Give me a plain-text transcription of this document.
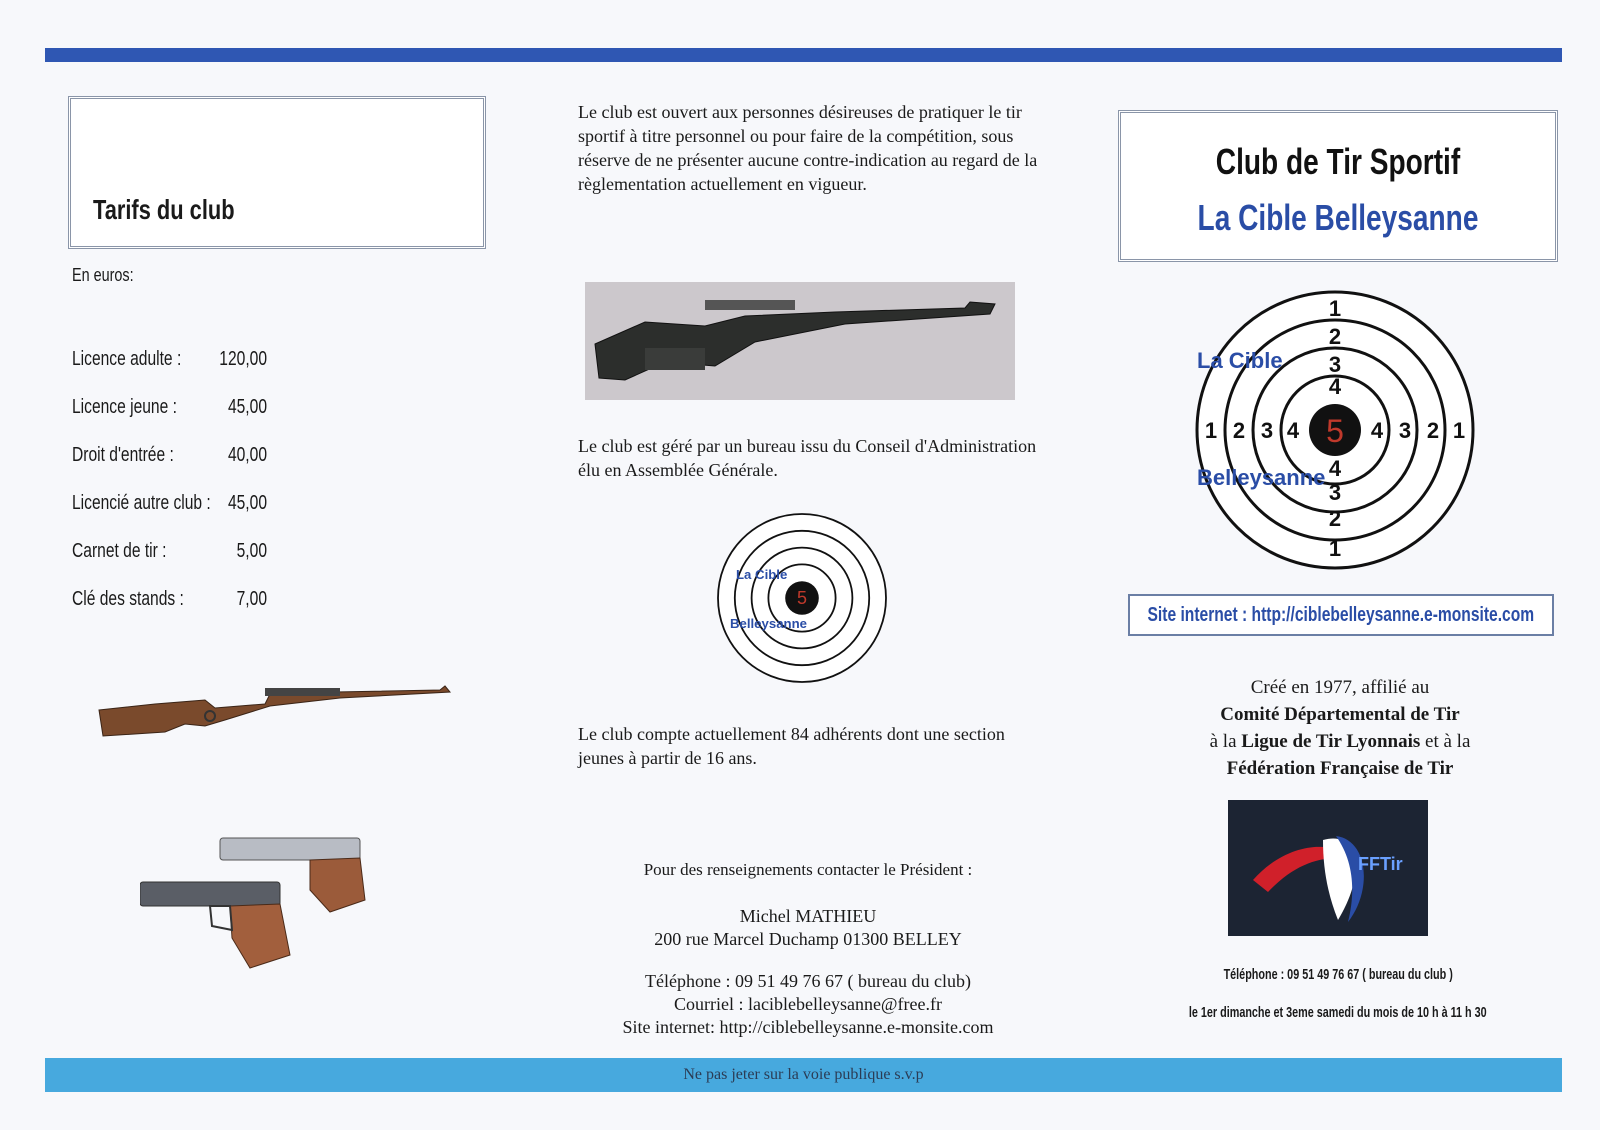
Tarifs du club
En euros:
Licence adulte : 120,00
Licence jeune :	45,00
Droit d'entrée :	40,00
Licencié autre club : 45,00
Carnet de tir :	5,00
Clé des stands :	7,00
Le club est ouvert aux personnes désireuses de pratiquer le tir sportif à titre personnel ou pour faire de la compétition, sous réserve de ne présenter aucune contre-indication au regard de la règlementation actuellement en vigueur.
Le club est géré par un bureau issu du Conseil d'Administration élu en Assemblée Générale.
5
La Cible
Belleysanne
Le club compte actuellement 84 adhérents dont une section jeunes à partir de 16 ans.
Pour des renseignements contacter le Président :
Michel MATHIEU
200 rue Marcel Duchamp 01300 BELLEY
Téléphone : 09 51 49 76 67 ( bureau du club)
Courriel : laciblebelleysanne@free.fr
Site internet: http://ciblebelleysanne.e-monsite.com
Club de Tir Sportif
La Cible Belleysanne
5
1 2 3 4	4 3 2 1
1
2
3
4
4
3
2
1
La Cible
Belleysanne
Site internet : http://ciblebelleysanne.e-monsite.com
Créé en 1977, affilié au
Comité Départemental de Tir
à la Ligue de Tir Lyonnais et à la
Fédération Française de Tir
FFTir
Téléphone : 09 51 49 76 67 ( bureau du club )
le 1er dimanche et 3eme samedi du mois de 10 h à 11 h 30
Ne pas jeter sur la voie publique s.v.p
